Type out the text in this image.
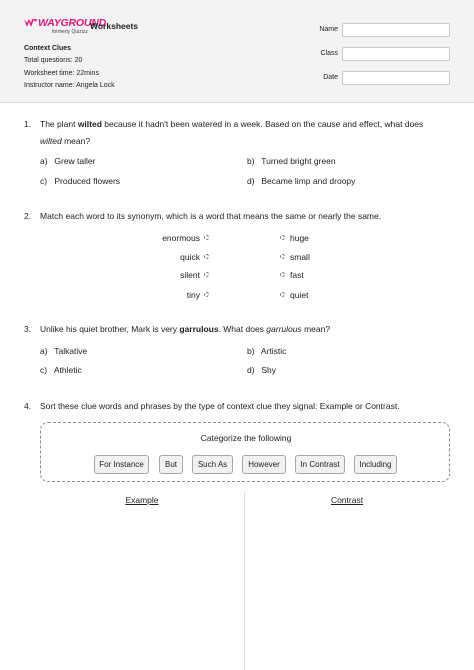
WAYGROUND
formerly Quizizz
Worksheets
Context Clues
Total questions: 20
Worksheet time: 22mins
Instructor name: Angela Lock
Name
Class
Date
1. The plant wilted because it hadn't been watered in a week. Based on the cause and effect, what does wilted mean?
a) Grew taller	b) Turned bright green
c) Produced flowers	d) Became limp and droopy
2. Match each word to its synonym, which is a word that means the same or nearly the same.
enormous	huge
quick	small
silent	fast
tiny	quiet
3. Unlike his quiet brother, Mark is very garrulous. What does garrulous mean?
a) Talkative	b) Artistic
c) Athletic	d) Shy
4. Sort these clue words and phrases by the type of context clue they signal: Example or Contrast.
Categorize the following
For Instance	But	Such As	However	In Contrast	Including
Example	Contrast
